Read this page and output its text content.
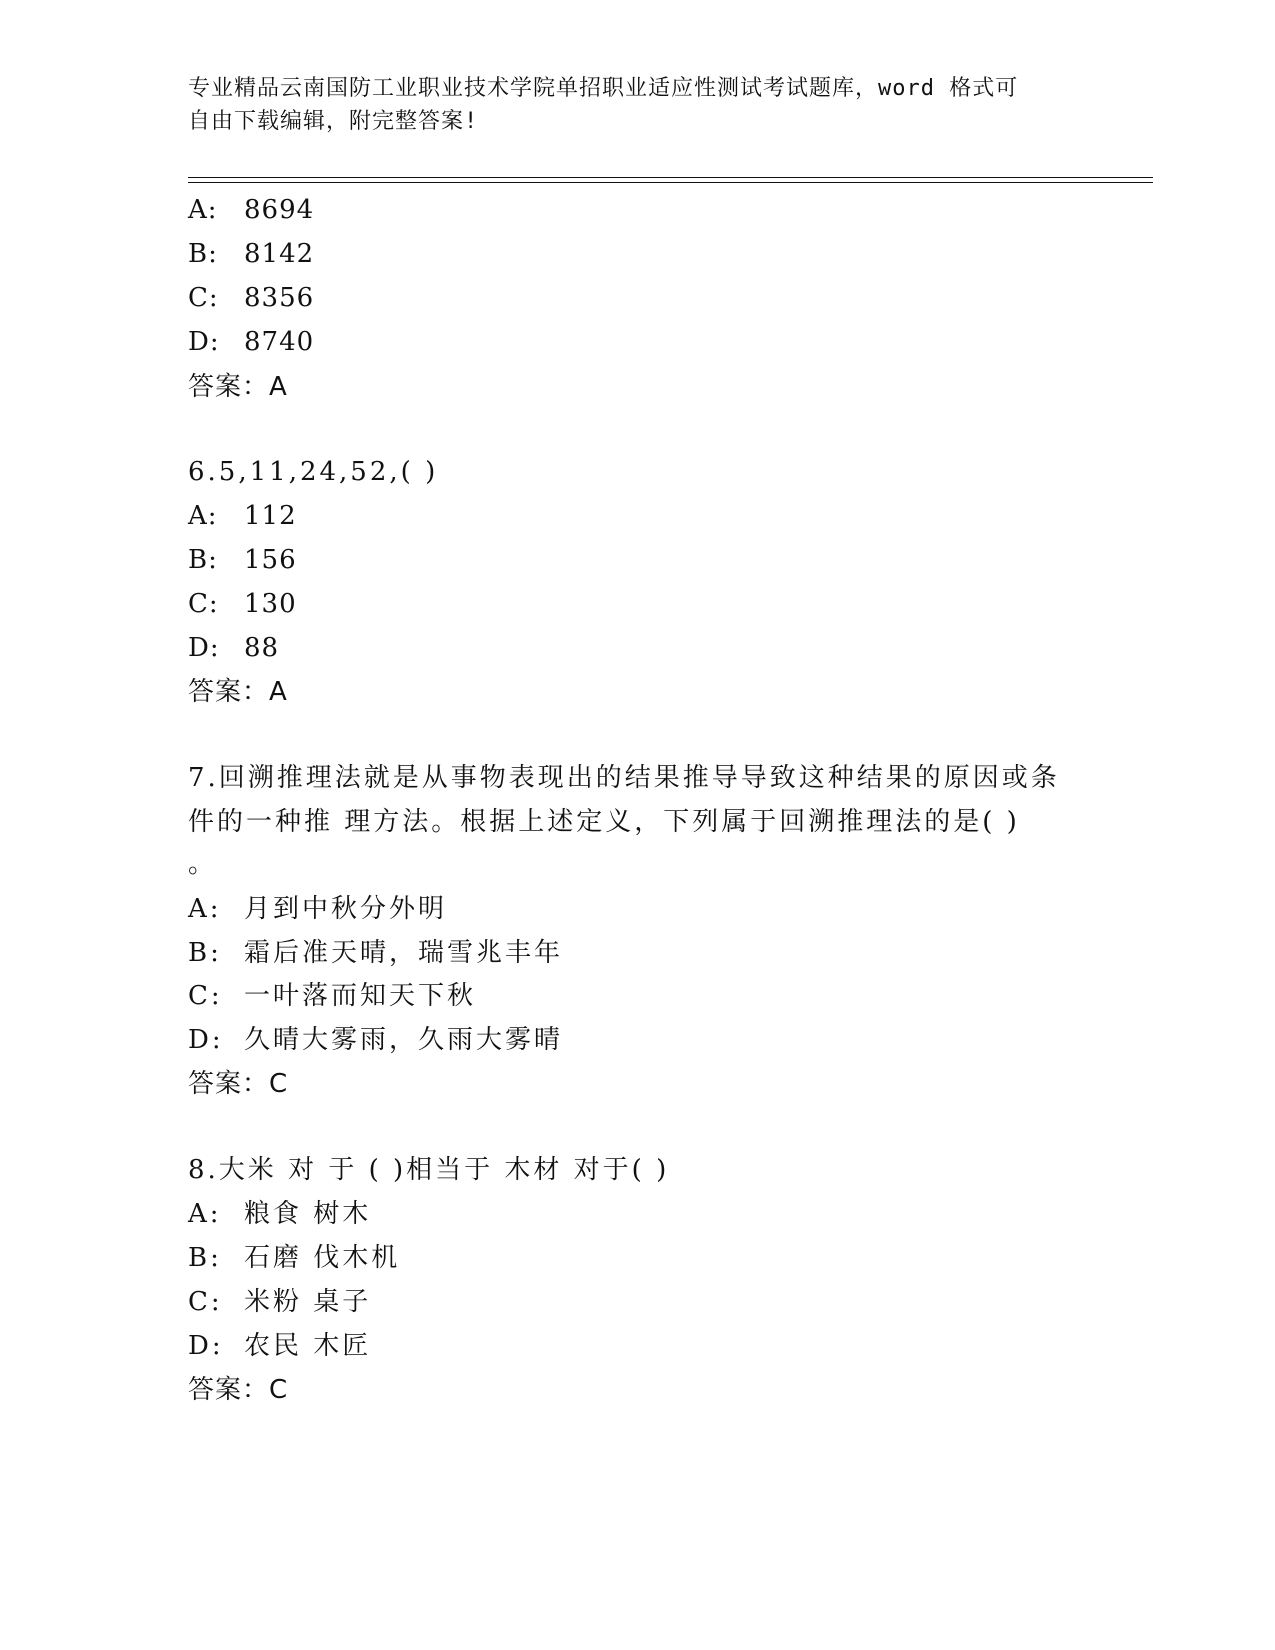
专业精品云南国防工业职业技术学院单招职业适应性测试考试题库，word 格式可
自由下载编辑，附完整答案!
A: 8694
B: 8142
C: 8356
D: 8740
答案：A
6.5,11,24,52,( )
A: 112
B: 156
C: 130
D: 88
答案：A
7.回溯推理法就是从事物表现出的结果推导导致这种结果的原因或条
件的一种推 理方法。根据上述定义，下列属于回溯推理法的是( )
。
A: 月到中秋分外明
B: 霜后准天晴，瑞雪兆丰年
C: 一叶落而知天下秋
D: 久晴大雾雨，久雨大雾晴
答案：C
8.大米 对 于 ( )相当于 木材 对于( )
A: 粮食 树木
B: 石磨 伐木机
C: 米粉 桌子
D: 农民 木匠
答案：C
